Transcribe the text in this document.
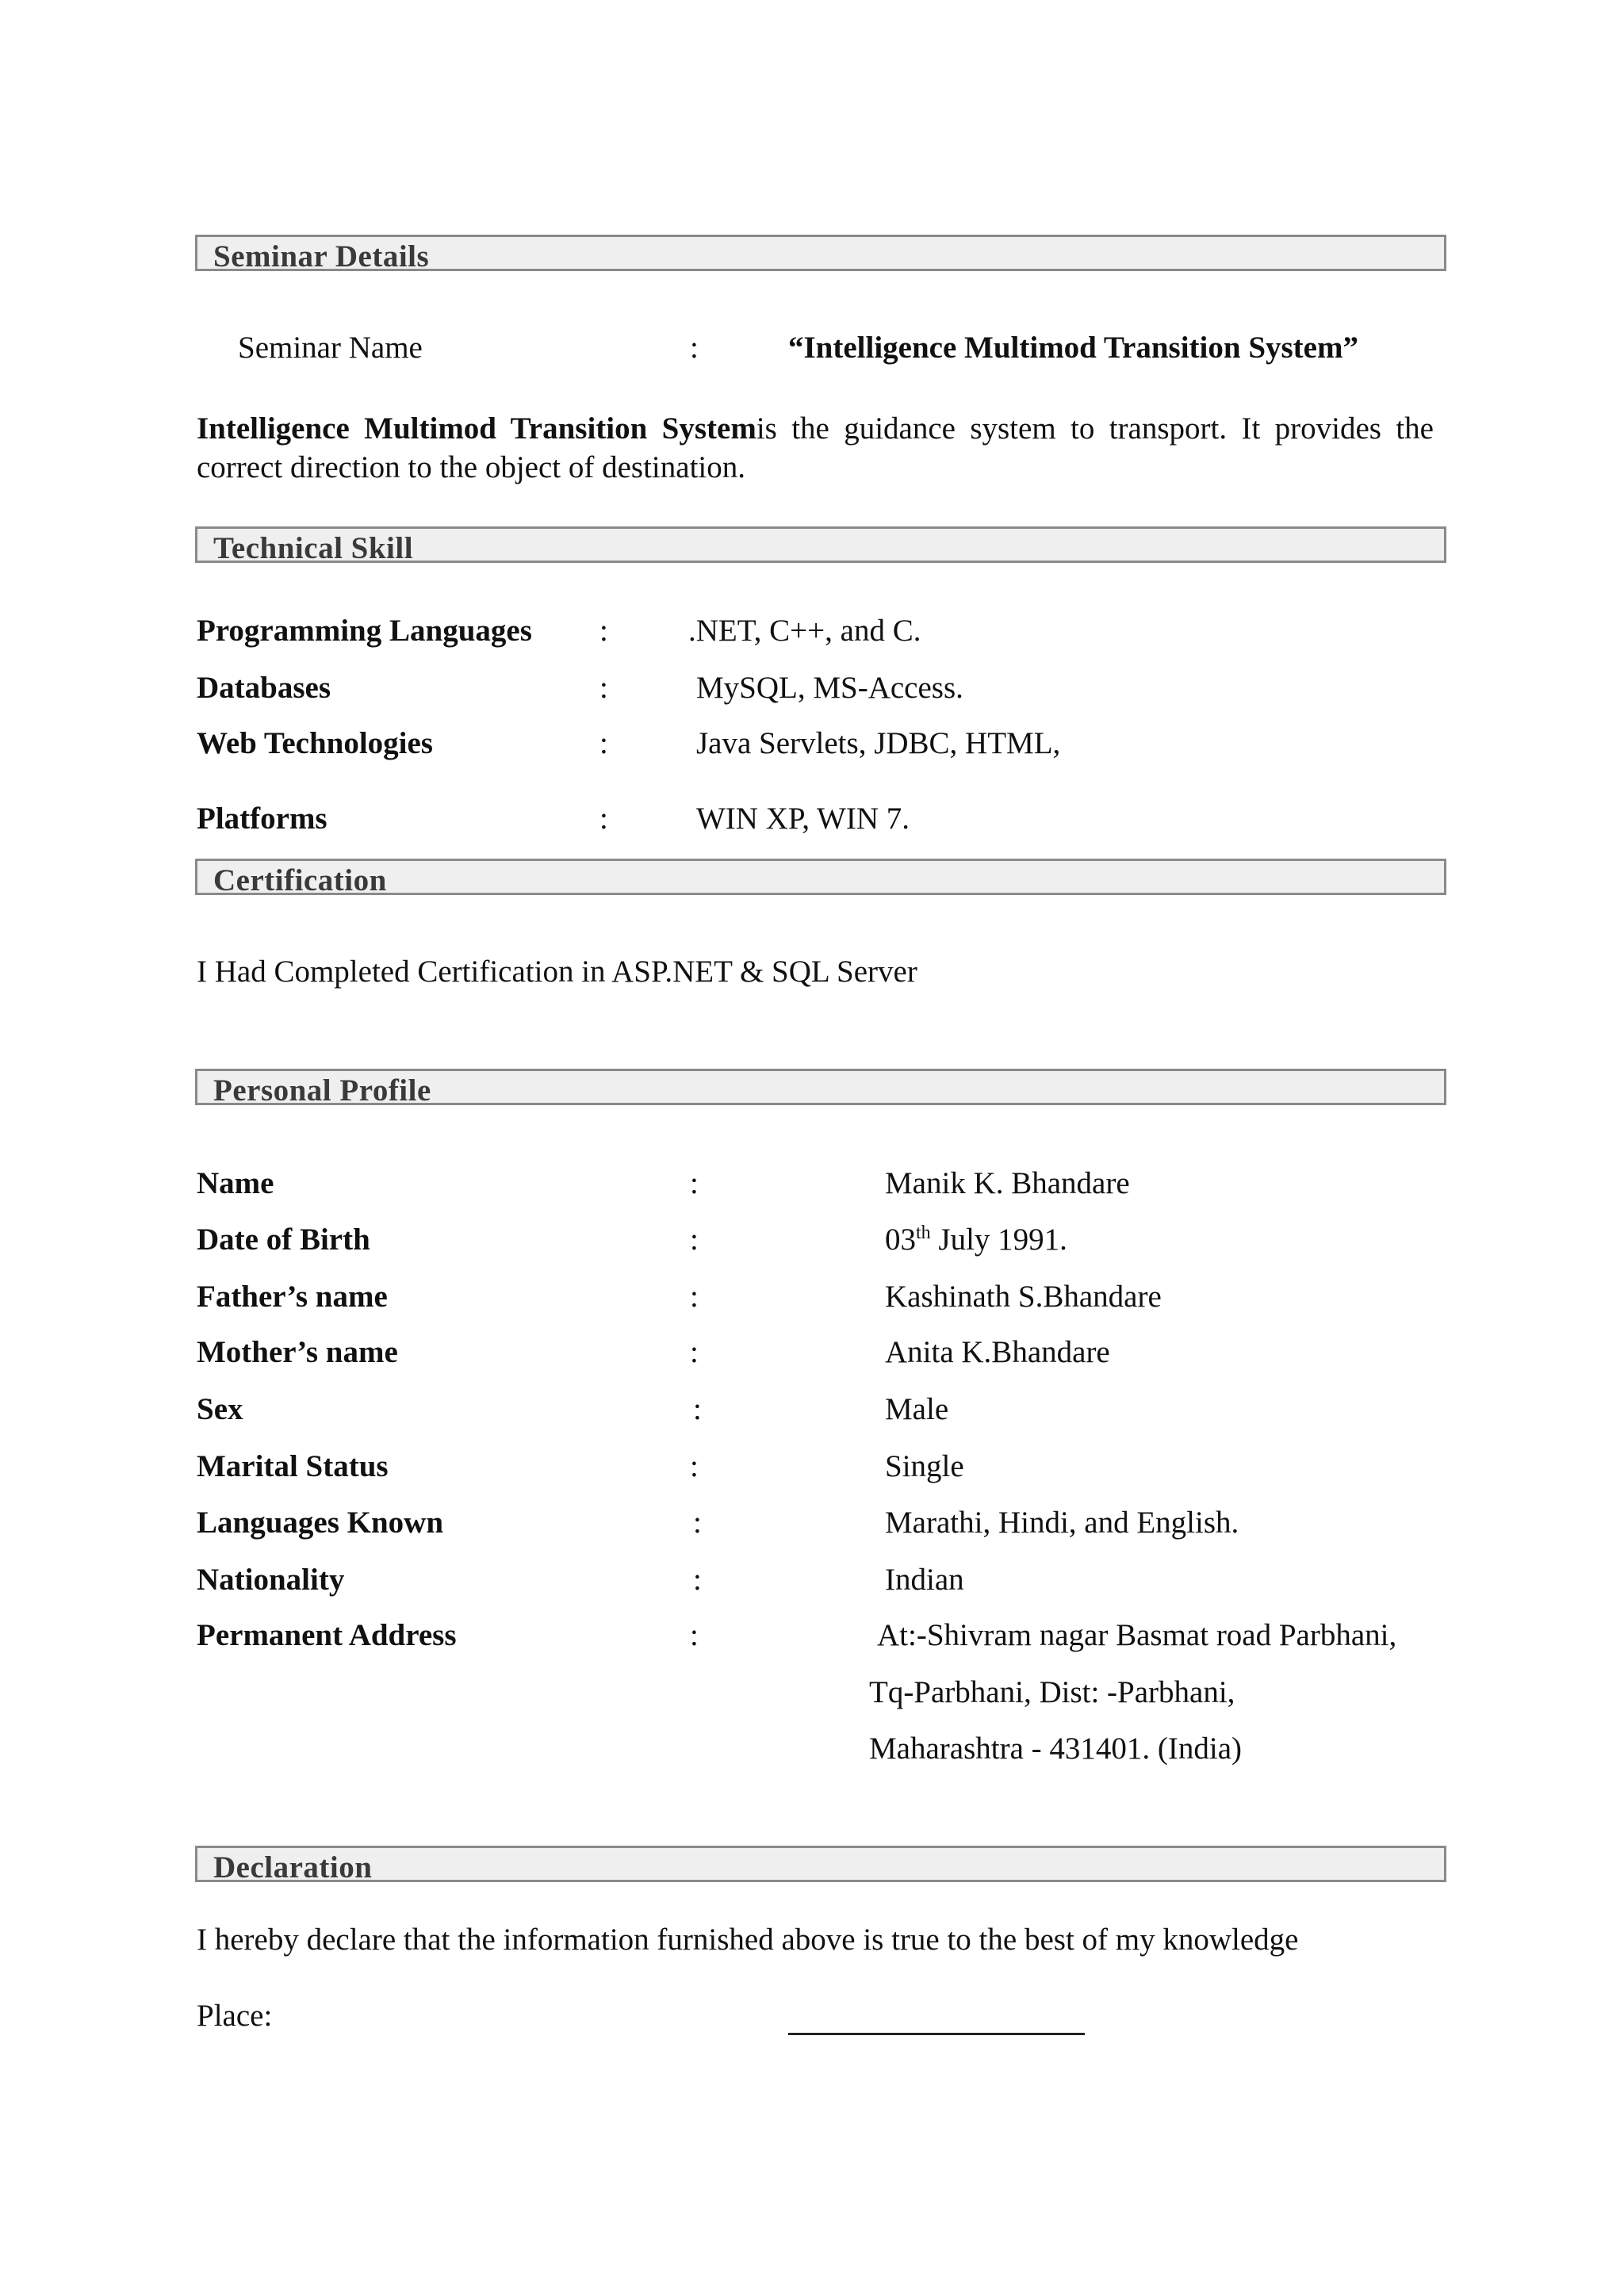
Seminar Details
Seminar Name	:	“Intelligence Multimod Transition System”
Intelligence Multimod Transition Systemis the guidance system to transport. It provides the correct direction to the object of destination.
Technical Skill
Programming Languages :	.NET, C++, and C.
Databases	:	MySQL, MS-Access.
Web Technologies	:	Java Servlets, JDBC, HTML,
Platforms	:	WIN XP, WIN 7.
Certification
I Had Completed Certification in ASP.NET & SQL Server
Personal Profile
Name	:	Manik K. Bhandare
Date of Birth	:	03th July 1991.
Father’s name	:	Kashinath S.Bhandare
Mother’s name	:	Anita K.Bhandare
Sex	:	Male
Marital Status	:	Single
Languages Known	:	Marathi, Hindi, and English.
Nationality	:	Indian
Permanent Address	:	At:-Shivram nagar Basmat road Parbhani,
Tq-Parbhani, Dist: -Parbhani,
Maharashtra - 431401. (India)
Declaration
I hereby declare that the information furnished above is true to the best of my knowledge
Place:
